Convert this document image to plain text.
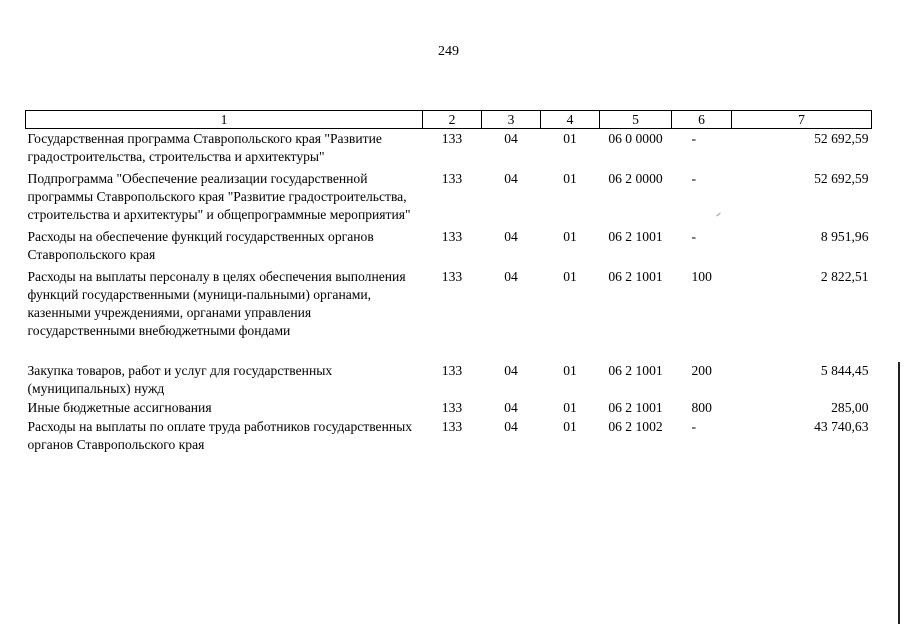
249
1	2	3	4	5	6	7
Государственная программа Ставропольского края "Развитие градостроительства, строительства и архитектуры"	133	04	01	06 0 0000	-	52 692,59
Подпрограмма "Обеспечение реализации государственной программы Ставропольского края "Развитие градостроительства, строительства и архитектуры" и общепрограммные мероприятия"	133	04	01	06 2 0000	-	52 692,59
Расходы на обеспечение функций государственных органов Ставропольского края	133	04	01	06 2 1001	-	8 951,96
Расходы на выплаты персоналу в целях обеспечения выполнения функций государственными (муници-пальными) органами, казенными учреждениями, органами управления государственными внебюджетными фондами	133	04	01	06 2 1001	100	2 822,51

Закупка товаров, работ и услуг для государственных (муниципальных) нужд	133	04	01	06 2 1001	200	5 844,45
Иные бюджетные ассигнования	133	04	01	06 2 1001	800	285,00
Расходы на выплаты по оплате труда работников государственных органов Ставропольского края	133	04	01	06 2 1002	-	43 740,63
